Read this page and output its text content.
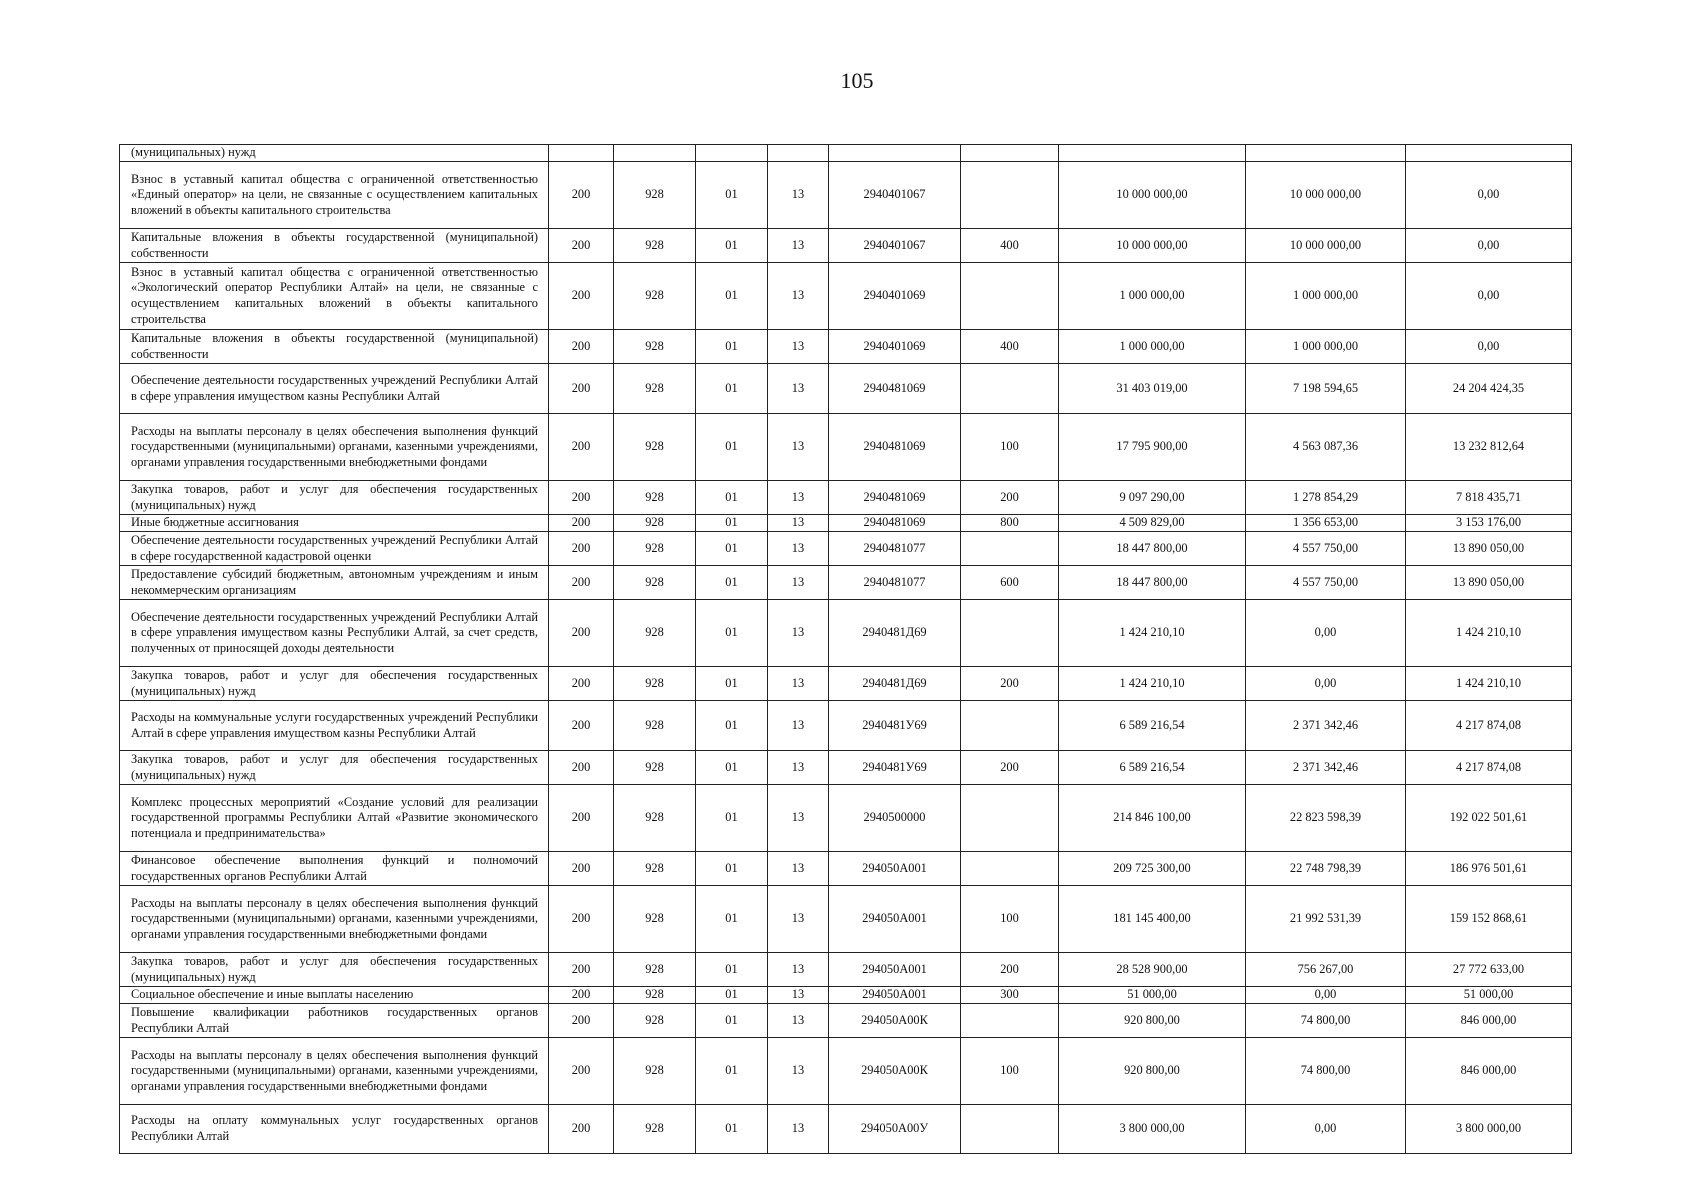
105
(муниципальных) нужд									
Взнос в уставный капитал общества с ограниченной ответственностью «Единый оператор» на цели, не связанные с осуществлением капитальных вложений в объекты капитального строительства	200	928	01	13	2940401067		10 000 000,00	10 000 000,00	0,00
Капитальные вложения в объекты государственной (муниципальной) собственности	200	928	01	13	2940401067	400	10 000 000,00	10 000 000,00	0,00
Взнос в уставный капитал общества с ограниченной ответственностью «Экологический оператор Республики Алтай» на цели, не связанные с осуществлением капитальных вложений в объекты капитального строительства	200	928	01	13	2940401069		1 000 000,00	1 000 000,00	0,00
Капитальные вложения в объекты государственной (муниципальной) собственности	200	928	01	13	2940401069	400	1 000 000,00	1 000 000,00	0,00
Обеспечение деятельности государственных учреждений Республики Алтай в сфере управления имуществом казны Республики Алтай	200	928	01	13	2940481069		31 403 019,00	7 198 594,65	24 204 424,35
Расходы на выплаты персоналу в целях обеспечения выполнения функций государственными (муниципальными) органами, казенными учреждениями, органами управления государственными внебюджетными фондами	200	928	01	13	2940481069	100	17 795 900,00	4 563 087,36	13 232 812,64
Закупка товаров, работ и услуг для обеспечения государственных (муниципальных) нужд	200	928	01	13	2940481069	200	9 097 290,00	1 278 854,29	7 818 435,71
Иные бюджетные ассигнования	200	928	01	13	2940481069	800	4 509 829,00	1 356 653,00	3 153 176,00
Обеспечение деятельности государственных учреждений Республики Алтай в сфере государственной кадастровой оценки	200	928	01	13	2940481077		18 447 800,00	4 557 750,00	13 890 050,00
Предоставление субсидий бюджетным, автономным учреждениям и иным некоммерческим организациям	200	928	01	13	2940481077	600	18 447 800,00	4 557 750,00	13 890 050,00
Обеспечение деятельности государственных учреждений Республики Алтай в сфере управления имуществом казны Республики Алтай, за счет средств, полученных от приносящей доходы деятельности	200	928	01	13	2940481Д69		1 424 210,10	0,00	1 424 210,10
Закупка товаров, работ и услуг для обеспечения государственных (муниципальных) нужд	200	928	01	13	2940481Д69	200	1 424 210,10	0,00	1 424 210,10
Расходы на коммунальные услуги государственных учреждений Республики Алтай в сфере управления имуществом казны Республики Алтай	200	928	01	13	2940481У69		6 589 216,54	2 371 342,46	4 217 874,08
Закупка товаров, работ и услуг для обеспечения государственных (муниципальных) нужд	200	928	01	13	2940481У69	200	6 589 216,54	2 371 342,46	4 217 874,08
Комплекс процессных мероприятий «Создание условий для реализации государственной программы Республики Алтай «Развитие экономического потенциала и предпринимательства»	200	928	01	13	2940500000		214 846 100,00	22 823 598,39	192 022 501,61
Финансовое обеспечение выполнения функций и полномочий государственных органов Республики Алтай	200	928	01	13	294050А001		209 725 300,00	22 748 798,39	186 976 501,61
Расходы на выплаты персоналу в целях обеспечения выполнения функций государственными (муниципальными) органами, казенными учреждениями, органами управления государственными внебюджетными фондами	200	928	01	13	294050А001	100	181 145 400,00	21 992 531,39	159 152 868,61
Закупка товаров, работ и услуг для обеспечения государственных (муниципальных) нужд	200	928	01	13	294050А001	200	28 528 900,00	756 267,00	27 772 633,00
Социальное обеспечение и иные выплаты населению	200	928	01	13	294050А001	300	51 000,00	0,00	51 000,00
Повышение квалификации работников государственных органов Республики Алтай	200	928	01	13	294050А00К		920 800,00	74 800,00	846 000,00
Расходы на выплаты персоналу в целях обеспечения выполнения функций государственными (муниципальными) органами, казенными учреждениями, органами управления государственными внебюджетными фондами	200	928	01	13	294050А00К	100	920 800,00	74 800,00	846 000,00
Расходы на оплату коммунальных услуг государственных органов Республики Алтай	200	928	01	13	294050А00У		3 800 000,00	0,00	3 800 000,00
